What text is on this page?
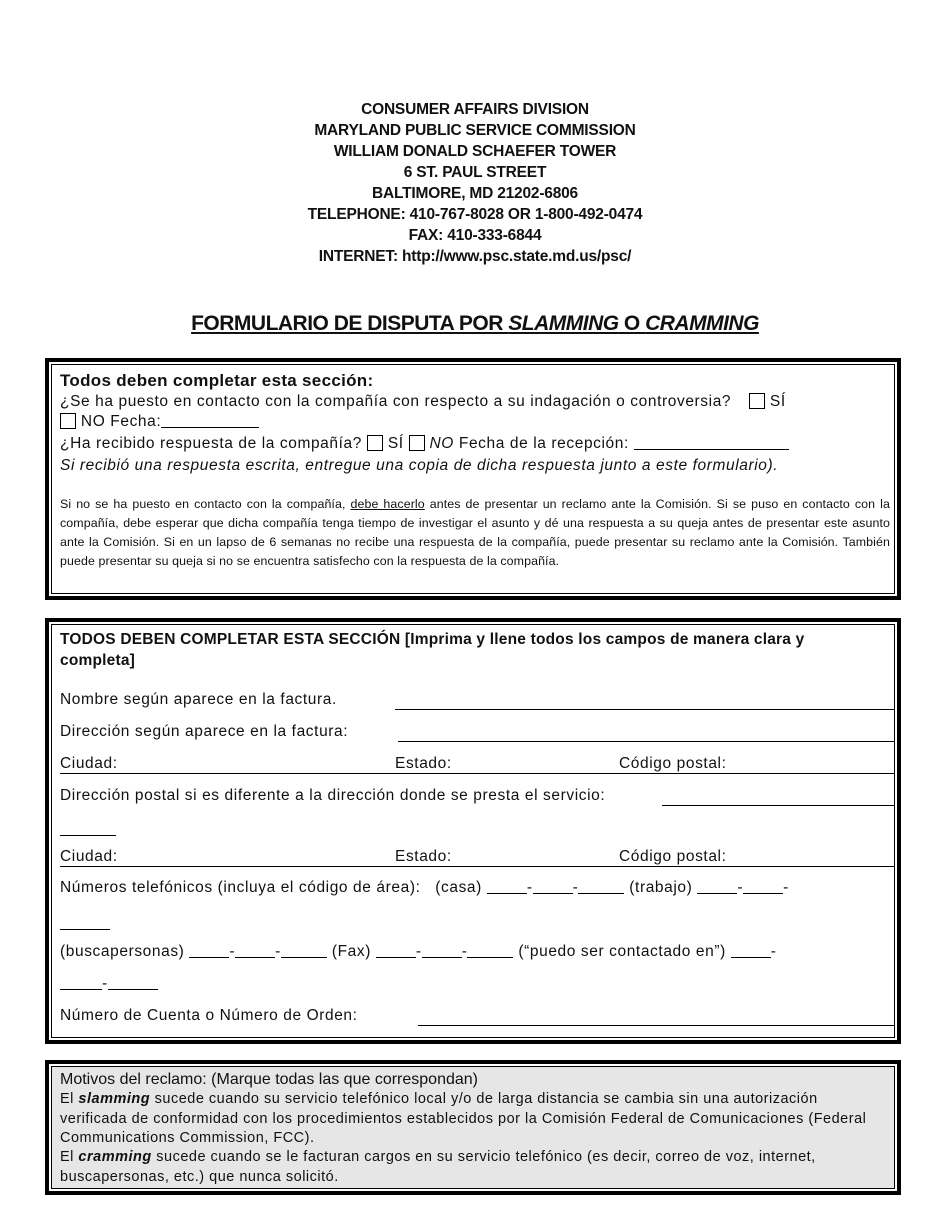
CONSUMER AFFAIRS DIVISION
MARYLAND PUBLIC SERVICE COMMISSION
WILLIAM DONALD SCHAEFER TOWER
6 ST. PAUL STREET
BALTIMORE, MD 21202-6806
TELEPHONE: 410-767-8028 OR 1-800-492-0474
FAX: 410-333-6844
INTERNET: http://www.psc.state.md.us/psc/
FORMULARIO DE DISPUTA POR SLAMMING O CRAMMING
Todos deben completar esta sección:
¿Se ha puesto en contacto con la compañía con respecto a su indagación o controversia?	SÍ
NO Fecha:
¿Ha recibido respuesta de la compañía? SÍ NO Fecha de la recepción:
Si recibió una respuesta escrita, entregue una copia de dicha respuesta junto a este formulario).
Si no se ha puesto en contacto con la compañía, debe hacerlo antes de presentar un reclamo ante la Comisión. Si se puso en contacto con la compañía, debe esperar que dicha compañía tenga tiempo de investigar el asunto y dé una respuesta a su queja antes de presentar este asunto ante la Comisión. Si en un lapso de 6 semanas no recibe una respuesta de la compañía, puede presentar su reclamo ante la Comisión. También puede presentar su queja si no se encuentra satisfecho con la respuesta de la compañía.
TODOS DEBEN COMPLETAR ESTA SECCIÓN [Imprima y llene todos los campos de manera clara y completa]
Nombre según aparece en la factura.
Dirección según aparece en la factura:
Ciudad:	Estado:	Código postal:
Dirección postal si es diferente a la dirección donde se presta el servicio:
Ciudad:	Estado:	Código postal:
Números telefónicos (incluya el código de área): (casa)	-	-	(trabajo)	-	-
(buscapersonas)	-	-	(Fax)	-	-	(“puedo ser contactado en”)	-
-
Número de Cuenta o Número de Orden:
Motivos del reclamo: (Marque todas las que correspondan)
El slamming sucede cuando su servicio telefónico local y/o de larga distancia se cambia sin una autorización verificada de conformidad con los procedimientos establecidos por la Comisión Federal de Comunicaciones (Federal Communications Commission, FCC).
El cramming sucede cuando se le facturan cargos en su servicio telefónico (es decir, correo de voz, internet, buscapersonas, etc.) que nunca solicitó.
